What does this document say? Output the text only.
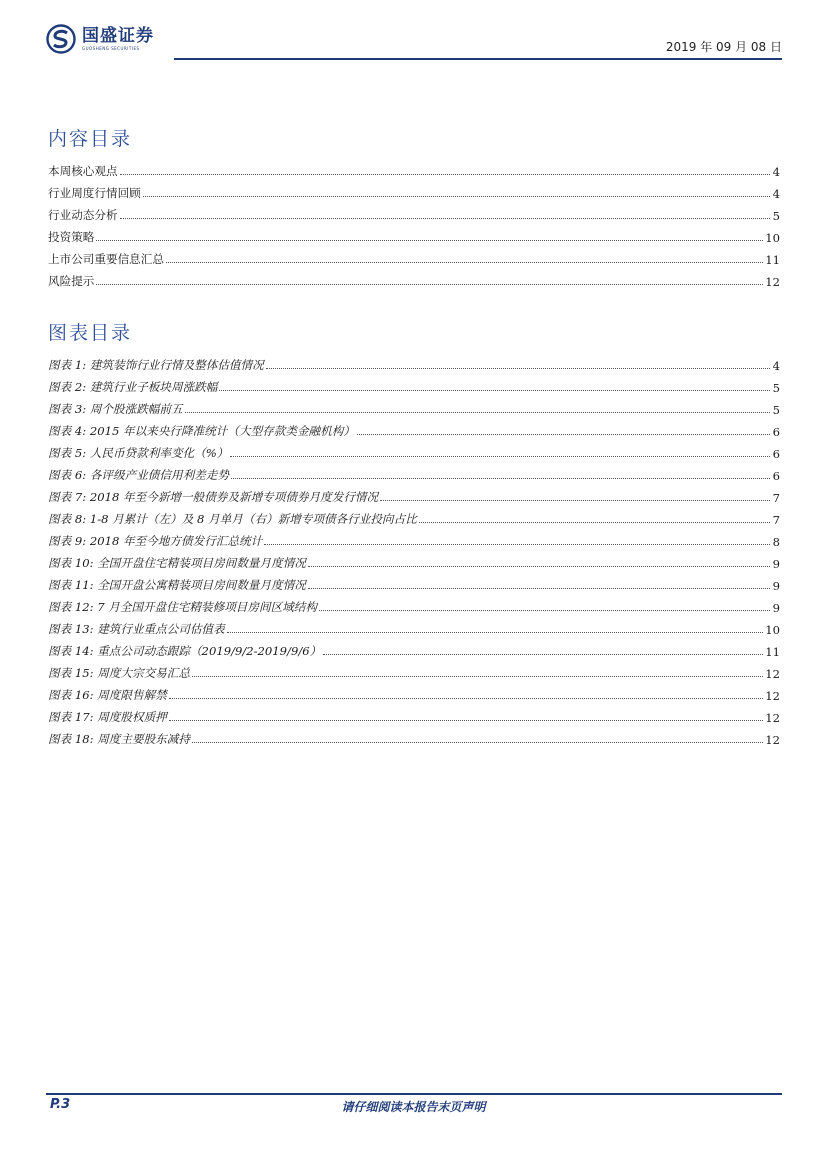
国盛证券
GUOSHENG SECURITIES	2019 年 09 月 08 日
内容目录
本周核心观点	4
行业周度行情回顾	4
行业动态分析	5
投资策略	10
上市公司重要信息汇总	11
风险提示	12
图表目录
图表 1: 建筑装饰行业行情及整体估值情况	4
图表 2: 建筑行业子板块周涨跌幅	5
图表 3: 周个股涨跌幅前五	5
图表 4: 2015 年以来央行降准统计（大型存款类金融机构）	6
图表 5: 人民币贷款利率变化（%）	6
图表 6: 各评级产业债信用利差走势	6
图表 7: 2018 年至今新增一般债券及新增专项债券月度发行情况	7
图表 8: 1-8 月累计（左）及 8 月单月（右）新增专项债各行业投向占比	7
图表 9: 2018 年至今地方债发行汇总统计	8
图表 10: 全国开盘住宅精装项目房间数量月度情况	9
图表 11: 全国开盘公寓精装项目房间数量月度情况	9
图表 12: 7 月全国开盘住宅精装修项目房间区域结构	9
图表 13: 建筑行业重点公司估值表	10
图表 14: 重点公司动态跟踪（2019/9/2-2019/9/6）	11
图表 15: 周度大宗交易汇总	12
图表 16: 周度限售解禁	12
图表 17: 周度股权质押	12
图表 18: 周度主要股东减持	12
P.3	请仔细阅读本报告末页声明
